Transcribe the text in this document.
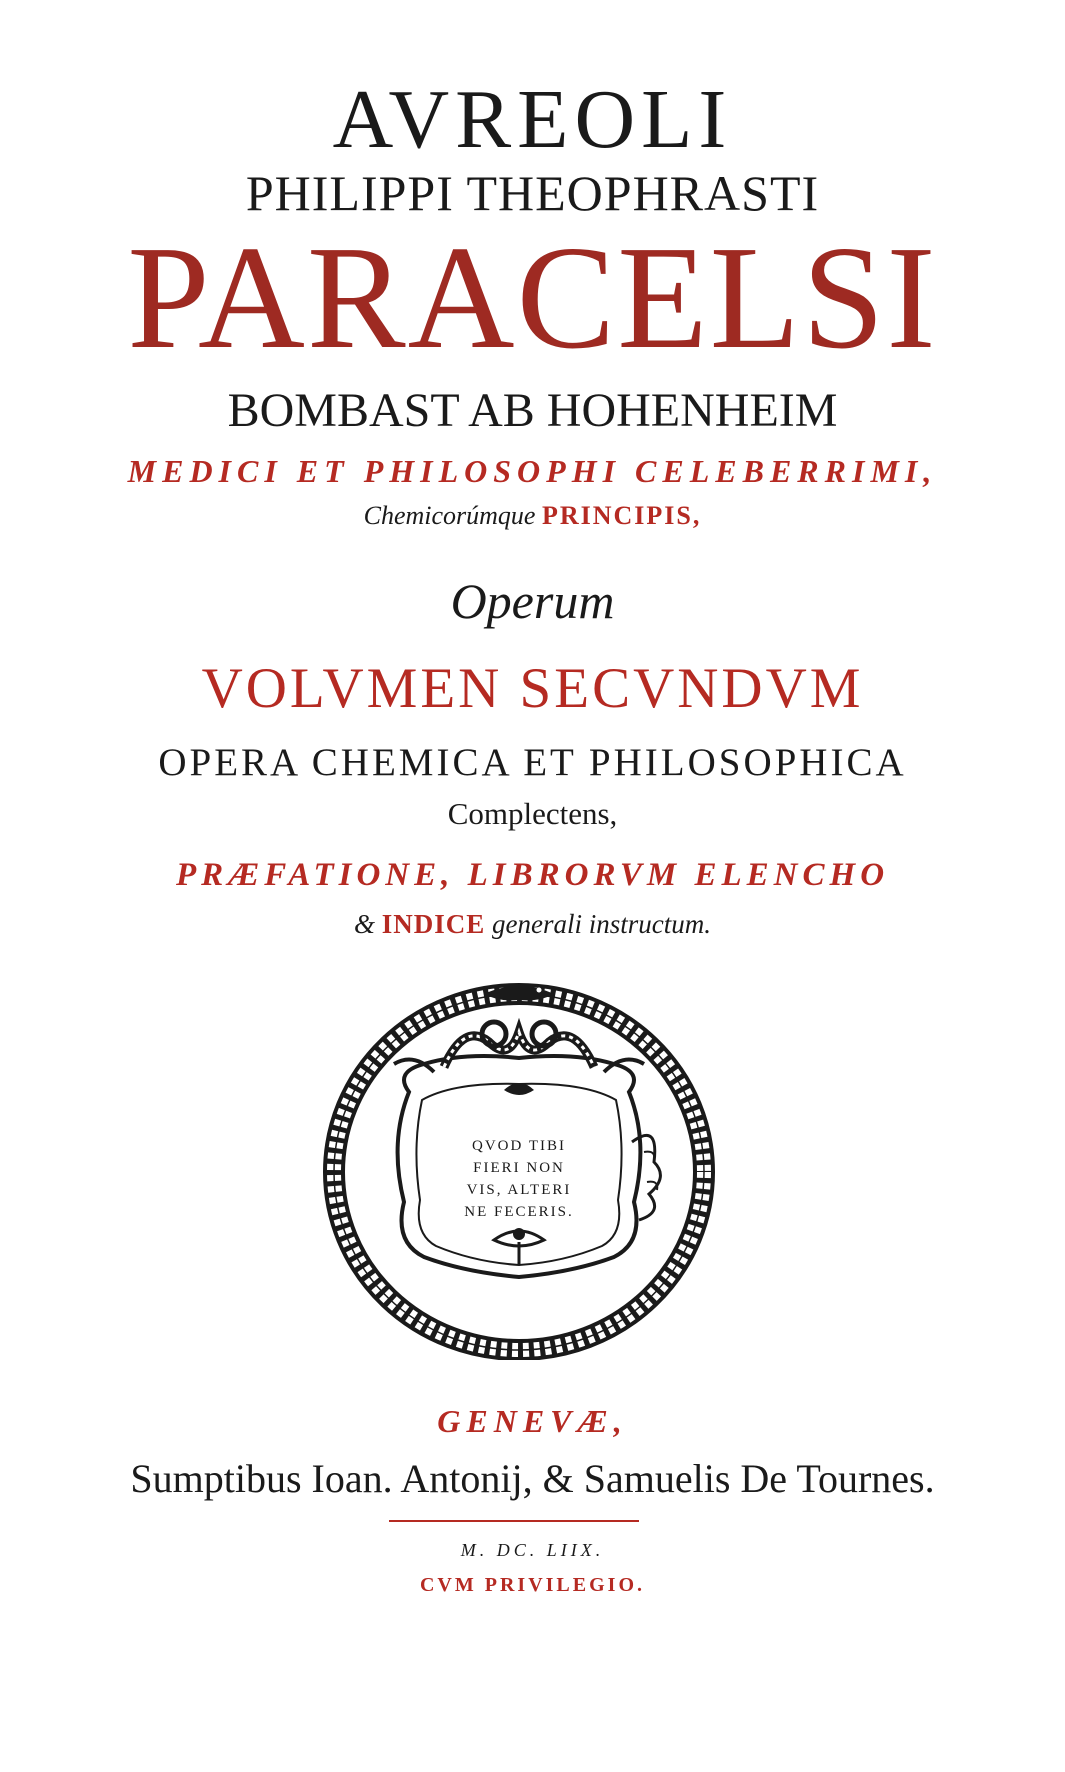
AVREOLI
PHILIPPI THEOPHRASTI
PARACELSI
BOMBAST AB HOHENHEIM
MEDICI ET PHILOSOPHI CELEBERRIMI,
Chemicorúmque PRINCIPIS,
Operum
VOLVMEN SECVNDVM
OPERA CHEMICA ET PHILOSOPHICA
Complectens,
PRÆFATIONE, LIBRORVM ELENCHO
& INDICE generali instructum.
QVOD TIBI
FIERI NON
VIS, ALTERI
NE FECERIS.
GENEVÆ,
Sumptibus Ioan. Antonij, & Samuelis De Tournes.
M. DC. LIIX.
CVM PRIVILEGIO.
